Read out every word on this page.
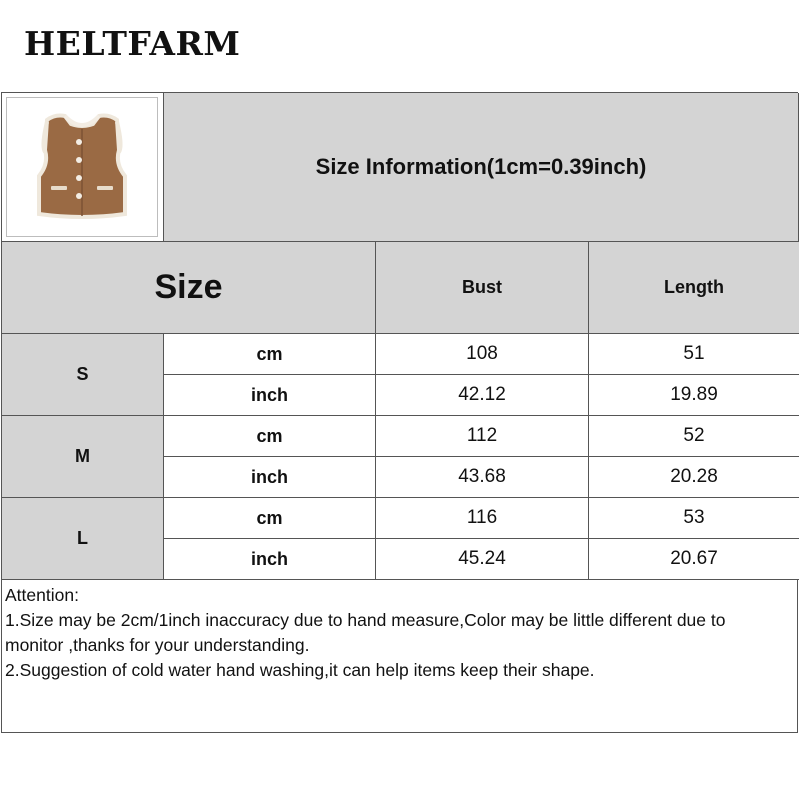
HELTFARM
Size Information(1cm=0.39inch)
Size	Bust	Length
S
cm	108	51
inch	42.12	19.89
M
cm	112	52
inch	43.68	20.28
L
cm	116	53
inch	45.24	20.67
Attention:
1.Size may be 2cm/1inch inaccuracy due to hand measure,Color may be little different due to
monitor ,thanks for your understanding.
2.Suggestion of cold water hand washing,it can help items keep their shape.
